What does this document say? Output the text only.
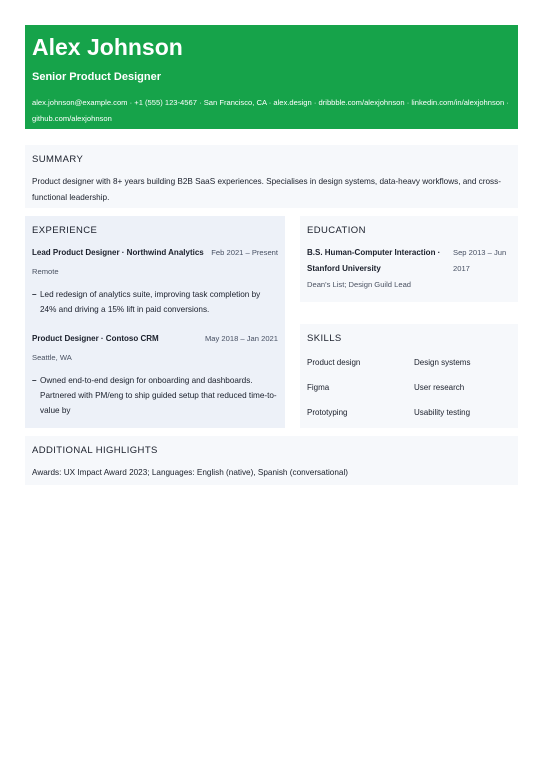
Alex Johnson
Senior Product Designer
alex.johnson@example.com · +1 (555) 123-4567 · San Francisco, CA · alex.design · dribbble.com/alexjohnson · linkedin.com/in/alexjohnson · github.com/alexjohnson
SUMMARY
Product designer with 8+ years building B2B SaaS experiences. Specialises in design systems, data-heavy workflows, and cross-functional leadership.
EXPERIENCE
Lead Product Designer · Northwind Analytics Feb 2021 – Present
Remote
– Led redesign of analytics suite, improving task completion by 24% and driving a 15% lift in paid conversions.
Product Designer · Contoso CRM	May 2018 – Jan 2021
Seattle, WA
– Owned end-to-end design for onboarding and dashboards. Partnered with PM/eng to ship guided setup that reduced time-to-value by
EDUCATION
B.S. Human-Computer Interaction · Stanford University
Sep 2013 – Jun 2017
Dean's List; Design Guild Lead
SKILLS
Product design	Design systems
Figma	User research
Prototyping	Usability testing
ADDITIONAL HIGHLIGHTS
Awards: UX Impact Award 2023; Languages: English (native), Spanish (conversational)
